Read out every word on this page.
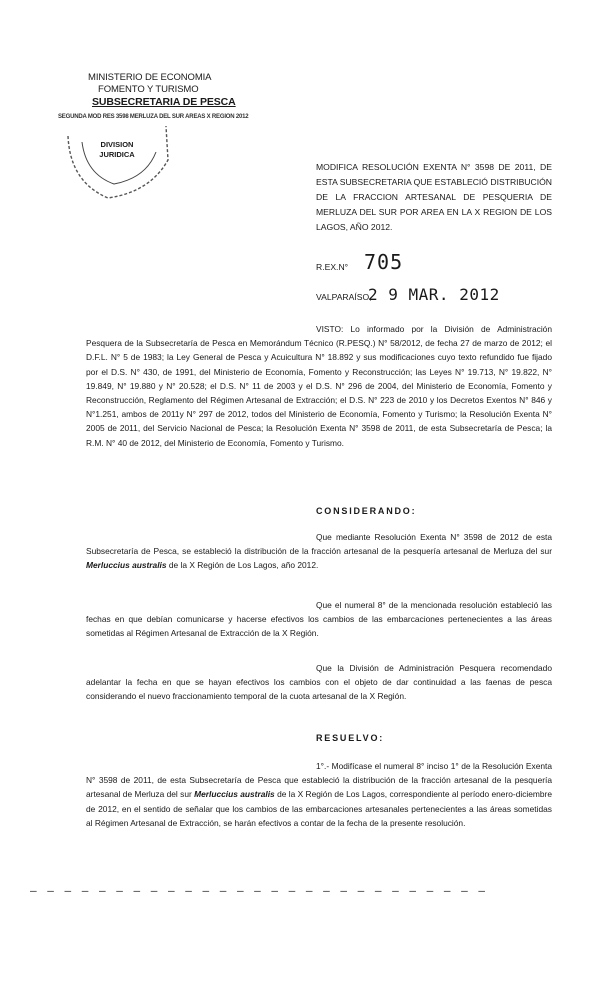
MINISTERIO DE ECONOMIA
FOMENTO Y TURISMO
SUBSECRETARIA DE PESCA
SEGUNDA MOD RES 3598 MERLUZA DEL SUR AREAS X REGION 2012
DIVISION
JURIDICA
MODIFICA RESOLUCIÓN EXENTA N° 3598 DE 2011, DE ESTA SUBSECRETARIA QUE ESTABLECIÓ DISTRIBUCIÓN DE LA FRACCION ARTESANAL DE PESQUERIA DE MERLUZA DEL SUR POR AREA EN LA X REGION DE LOS LAGOS, AÑO 2012.
R.EX.N° 705
VALPARAÍSO,
2 9 MAR. 2012
VISTO: Lo informado por la División de Administración Pesquera de la Subsecretaría de Pesca en Memorándum Técnico (R.PESQ.) N° 58/2012, de fecha 27 de marzo de 2012; el D.F.L. N° 5 de 1983; la Ley General de Pesca y Acuicultura N° 18.892 y sus modificaciones cuyo texto refundido fue fijado por el D.S. N° 430, de 1991, del Ministerio de Economía, Fomento y Reconstrucción; las Leyes N° 19.713, N° 19.822, N° 19.849, N° 19.880 y N° 20.528; el D.S. N° 11 de 2003 y el D.S. N° 296 de 2004, del Ministerio de Economía, Fomento y Reconstrucción, Reglamento del Régimen Artesanal de Extracción; el D.S. N° 223 de 2010 y los Decretos Exentos N° 846 y N°1.251, ambos de 2011y N° 297 de 2012, todos del Ministerio de Economía, Fomento y Turismo; la Resolución Exenta N° 2005 de 2011, del Servicio Nacional de Pesca; la Resolución Exenta N° 3598 de 2011, de esta Subsecretaría de Pesca; la R.M. N° 40 de 2012, del Ministerio de Economía, Fomento y Turismo.
CONSIDERANDO:
Que mediante Resolución Exenta N° 3598 de 2012 de esta Subsecretaría de Pesca, se estableció la distribución de la fracción artesanal de la pesquería artesanal de Merluza del sur Merluccius australis de la X Región de Los Lagos, año 2012.
Que el numeral 8° de la mencionada resolución estableció las fechas en que debían comunicarse y hacerse efectivos los cambios de las embarcaciones pertenecientes a las áreas sometidas al Régimen Artesanal de Extracción de la X Región.
Que la División de Administración Pesquera recomendado adelantar la fecha en que se hayan efectivos los cambios con el objeto de dar continuidad a las faenas de pesca considerando el nuevo fraccionamiento temporal de la cuota artesanal de la X Región.
RESUELVO:
1°.- Modifícase el numeral 8° inciso 1° de la Resolución Exenta N° 3598 de 2011, de esta Subsecretaría de Pesca que estableció la distribución de la fracción artesanal de la pesquería artesanal de Merluza del sur Merluccius australis de la X Región de Los Lagos, correspondiente al período enero-diciembre de 2012, en el sentido de señalar que los cambios de las embarcaciones artesanales pertenecientes a las áreas sometidas al Régimen Artesanal de Extracción, se harán efectivos a contar de la fecha de la presente resolución.
— — — — — — — — — — — — — — — — — — — — — — — — — — —
